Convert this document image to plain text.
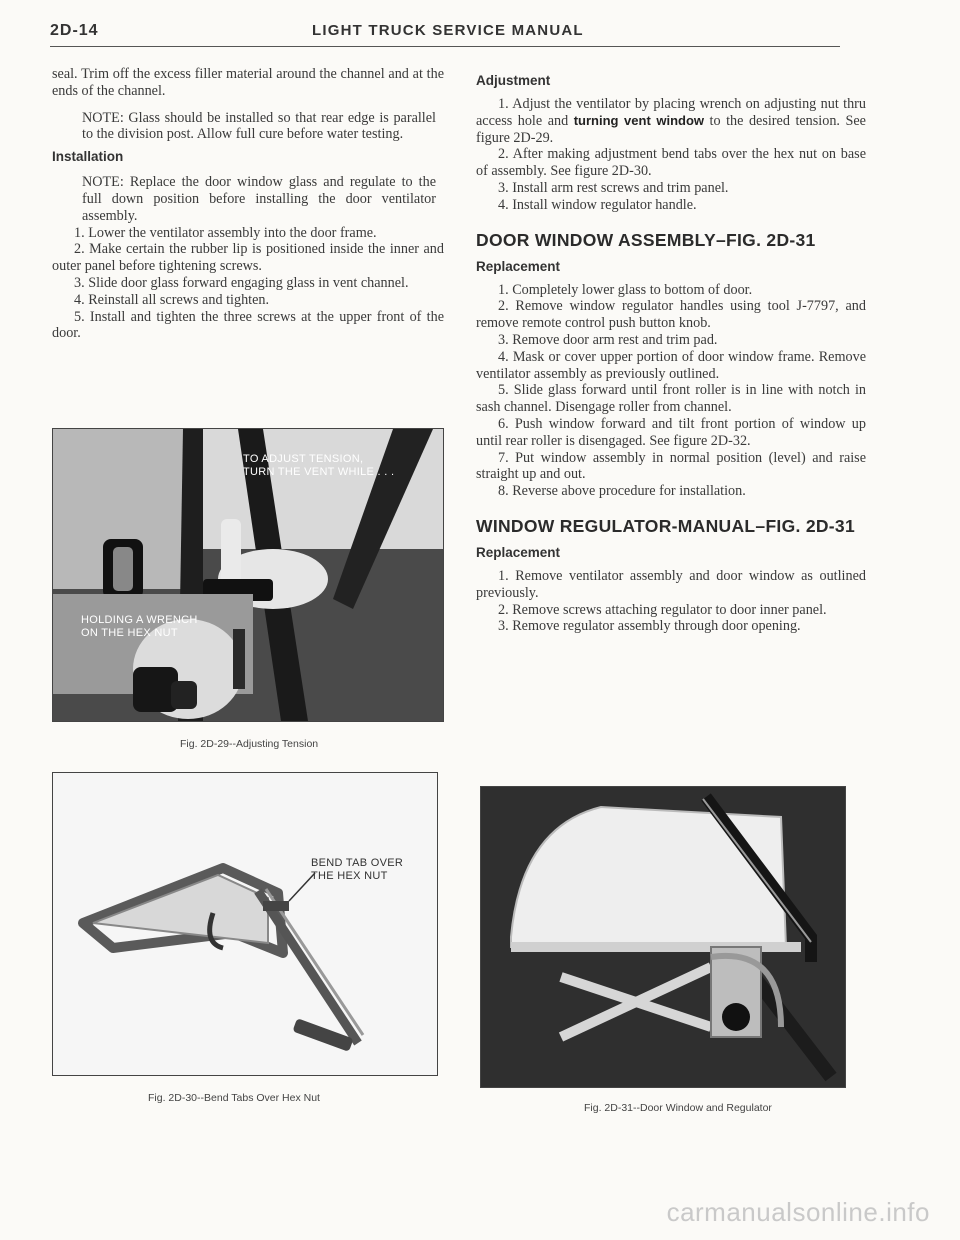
2D-14	LIGHT TRUCK SERVICE MANUAL

seal. Trim off the excess filler material around the channel and at the ends of the channel.

NOTE: Glass should be installed so that rear edge is parallel to the division post. Allow full cure before water testing.

Installation

NOTE: Replace the door window glass and regulate to the full down position before installing the door ventilator assembly.

1. Lower the ventilator assembly into the door frame.

2. Make certain the rubber lip is positioned inside the inner and outer panel before tightening screws.

3. Slide door glass forward engaging glass in vent channel.

4. Reinstall all screws and tighten.

5. Install and tighten the three screws at the upper front of the door.

Adjustment

1. Adjust the ventilator by placing wrench on adjusting nut thru access hole and turning vent window to the desired tension. See figure 2D-29.

2. After making adjustment bend tabs over the hex nut on base of assembly. See figure 2D-30.

3. Install arm rest screws and trim panel.

4. Install window regulator handle.

DOOR WINDOW ASSEMBLY–FIG. 2D-31
Replacement

1. Completely lower glass to bottom of door.

2. Remove window regulator handles using tool J-7797, and remove remote control push button knob.

3. Remove door arm rest and trim pad.

4. Mask or cover upper portion of door window frame. Remove ventilator assembly as previously outlined.

5. Slide glass forward until front roller is in line with notch in sash channel. Disengage roller from channel.

6. Push window forward and tilt front portion of window up until rear roller is disengaged. See figure 2D-32.

7. Put window assembly in normal position (level) and raise straight up and out.

8. Reverse above procedure for installation.

WINDOW REGULATOR-MANUAL–FIG. 2D-31
Replacement

1. Remove ventilator assembly and door window as outlined previously.

2. Remove screws attaching regulator to door inner panel.

3. Remove regulator assembly through door opening.

TO ADJUST TENSION,
TURN THE VENT WHILE . . .
HOLDING A WRENCH
ON THE HEX NUT
Fig. 2D-29--Adjusting Tension
BEND TAB OVER
THE HEX NUT
Fig. 2D-30--Bend Tabs Over Hex Nut
Fig. 2D-31--Door Window and Regulator
carmanualsonline.info
